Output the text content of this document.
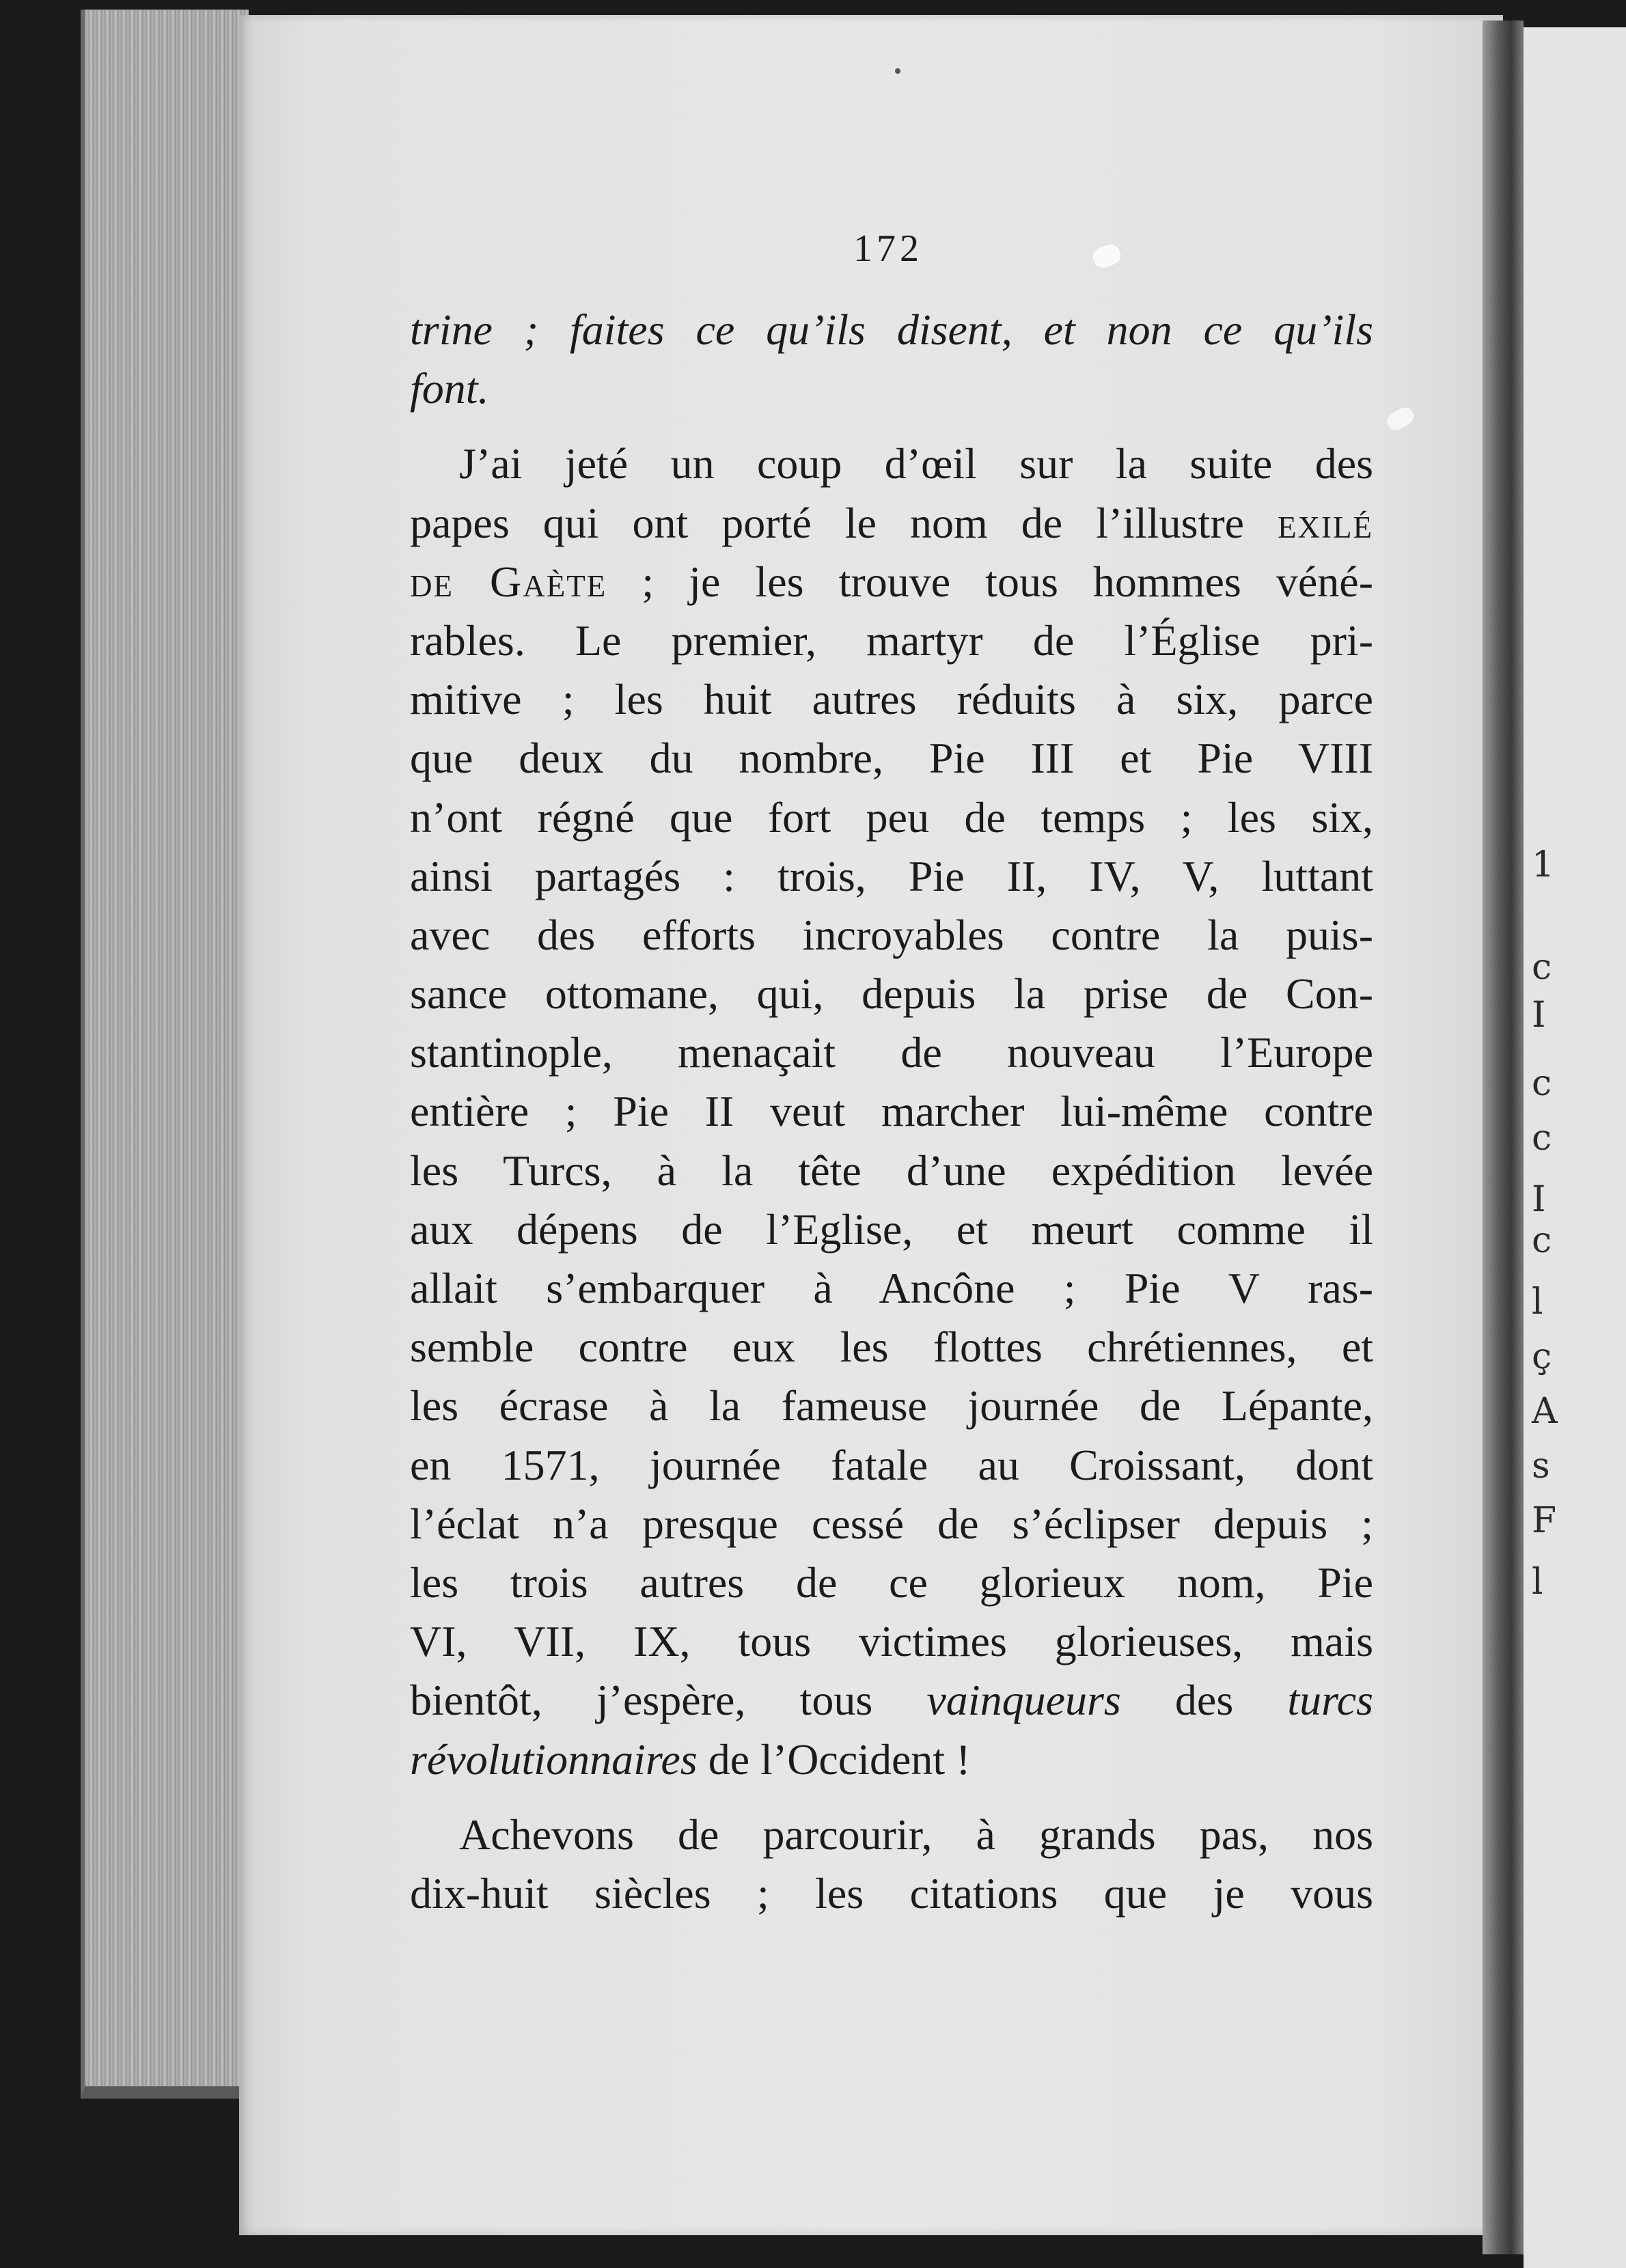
1
c
I
c
c
I
c
l
ç
A
s
F
l
172
trine ; faites ce qu’ils disent, et non ce qu’ils
font.
J’ai jeté un coup d’œil sur la suite des
papes qui ont porté le nom de l’illustre exilé
de Gaète ; je les trouve tous hommes véné-
rables. Le premier, martyr de l’Église pri-
mitive ; les huit autres réduits à six, parce
que deux du nombre, Pie III et Pie VIII
n’ont régné que fort peu de temps ; les six,
ainsi partagés : trois, Pie II, IV, V, luttant
avec des efforts incroyables contre la puis-
sance ottomane, qui, depuis la prise de Con-
stantinople, menaçait de nouveau l’Europe
entière ; Pie II veut marcher lui-même contre
les Turcs, à la tête d’une expédition levée
aux dépens de l’Eglise, et meurt comme il
allait s’embarquer à Ancône ; Pie V ras-
semble contre eux les flottes chrétiennes, et
les écrase à la fameuse journée de Lépante,
en 1571, journée fatale au Croissant, dont
l’éclat n’a presque cessé de s’éclipser depuis ;
les trois autres de ce glorieux nom, Pie
VI, VII, IX, tous victimes glorieuses, mais
bientôt, j’espère, tous vainqueurs des turcs
révolutionnaires de l’Occident !
Achevons de parcourir, à grands pas, nos
dix-huit siècles ; les citations que je vous
